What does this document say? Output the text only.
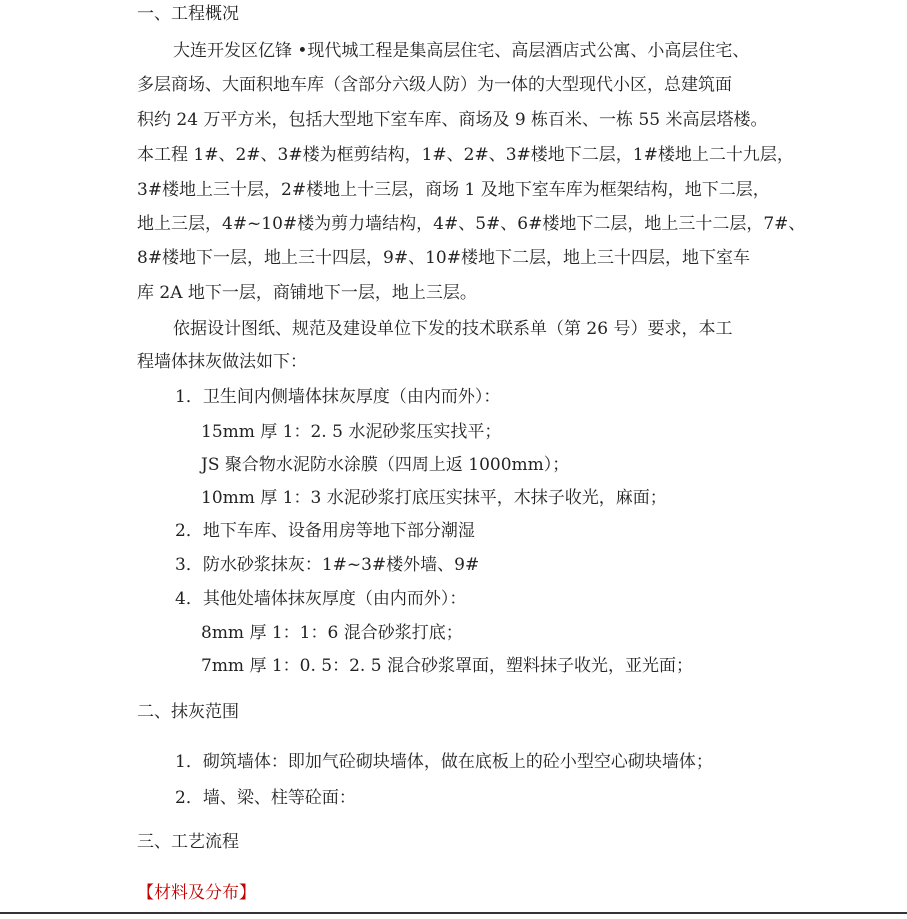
一、工程概况
大连开发区亿锋 •现代城工程是集高层住宅、高层酒店式公寓、小高层住宅、
多层商场、大面积地车库（含部分六级人防）为一体的大型现代小区，总建筑面
积约 24 万平方米，包括大型地下室车库、商场及 9 栋百米、一栋 55 米高层塔楼。
本工程 1#、2#、3#楼为框剪结构，1#、2#、3#楼地下二层，1#楼地上二十九层，
3#楼地上三十层，2#楼地上十三层，商场 1 及地下室车库为框架结构，地下二层，
地上三层，4#~10#楼为剪力墙结构，4#、5#、6#楼地下二层，地上三十二层，7#、
8#楼地下一层，地上三十四层，9#、10#楼地下二层，地上三十四层，地下室车
库 2A 地下一层，商铺地下一层，地上三层。
依据设计图纸、规范及建设单位下发的技术联系单（第 26 号）要求，本工
程墙体抹灰做法如下：
1．卫生间内侧墙体抹灰厚度（由内而外）：
15mm 厚 1：2. 5 水泥砂浆压实找平；
JS 聚合物水泥防水涂膜（四周上返 1000mm）；
10mm 厚 1：3 水泥砂浆打底压实抹平，木抹子收光，麻面；
2．地下车库、设备用房等地下部分潮湿
3．防水砂浆抹灰：1#~3#楼外墙、9#
4．其他处墙体抹灰厚度（由内而外）：
8mm 厚 1：1：6 混合砂浆打底；
7mm 厚 1：0. 5：2. 5 混合砂浆罩面，塑料抹子收光，亚光面；
二、抹灰范围
1．砌筑墙体：即加气砼砌块墙体，做在底板上的砼小型空心砌块墙体；
2．墙、梁、柱等砼面：
三、工艺流程
【材料及分布】
